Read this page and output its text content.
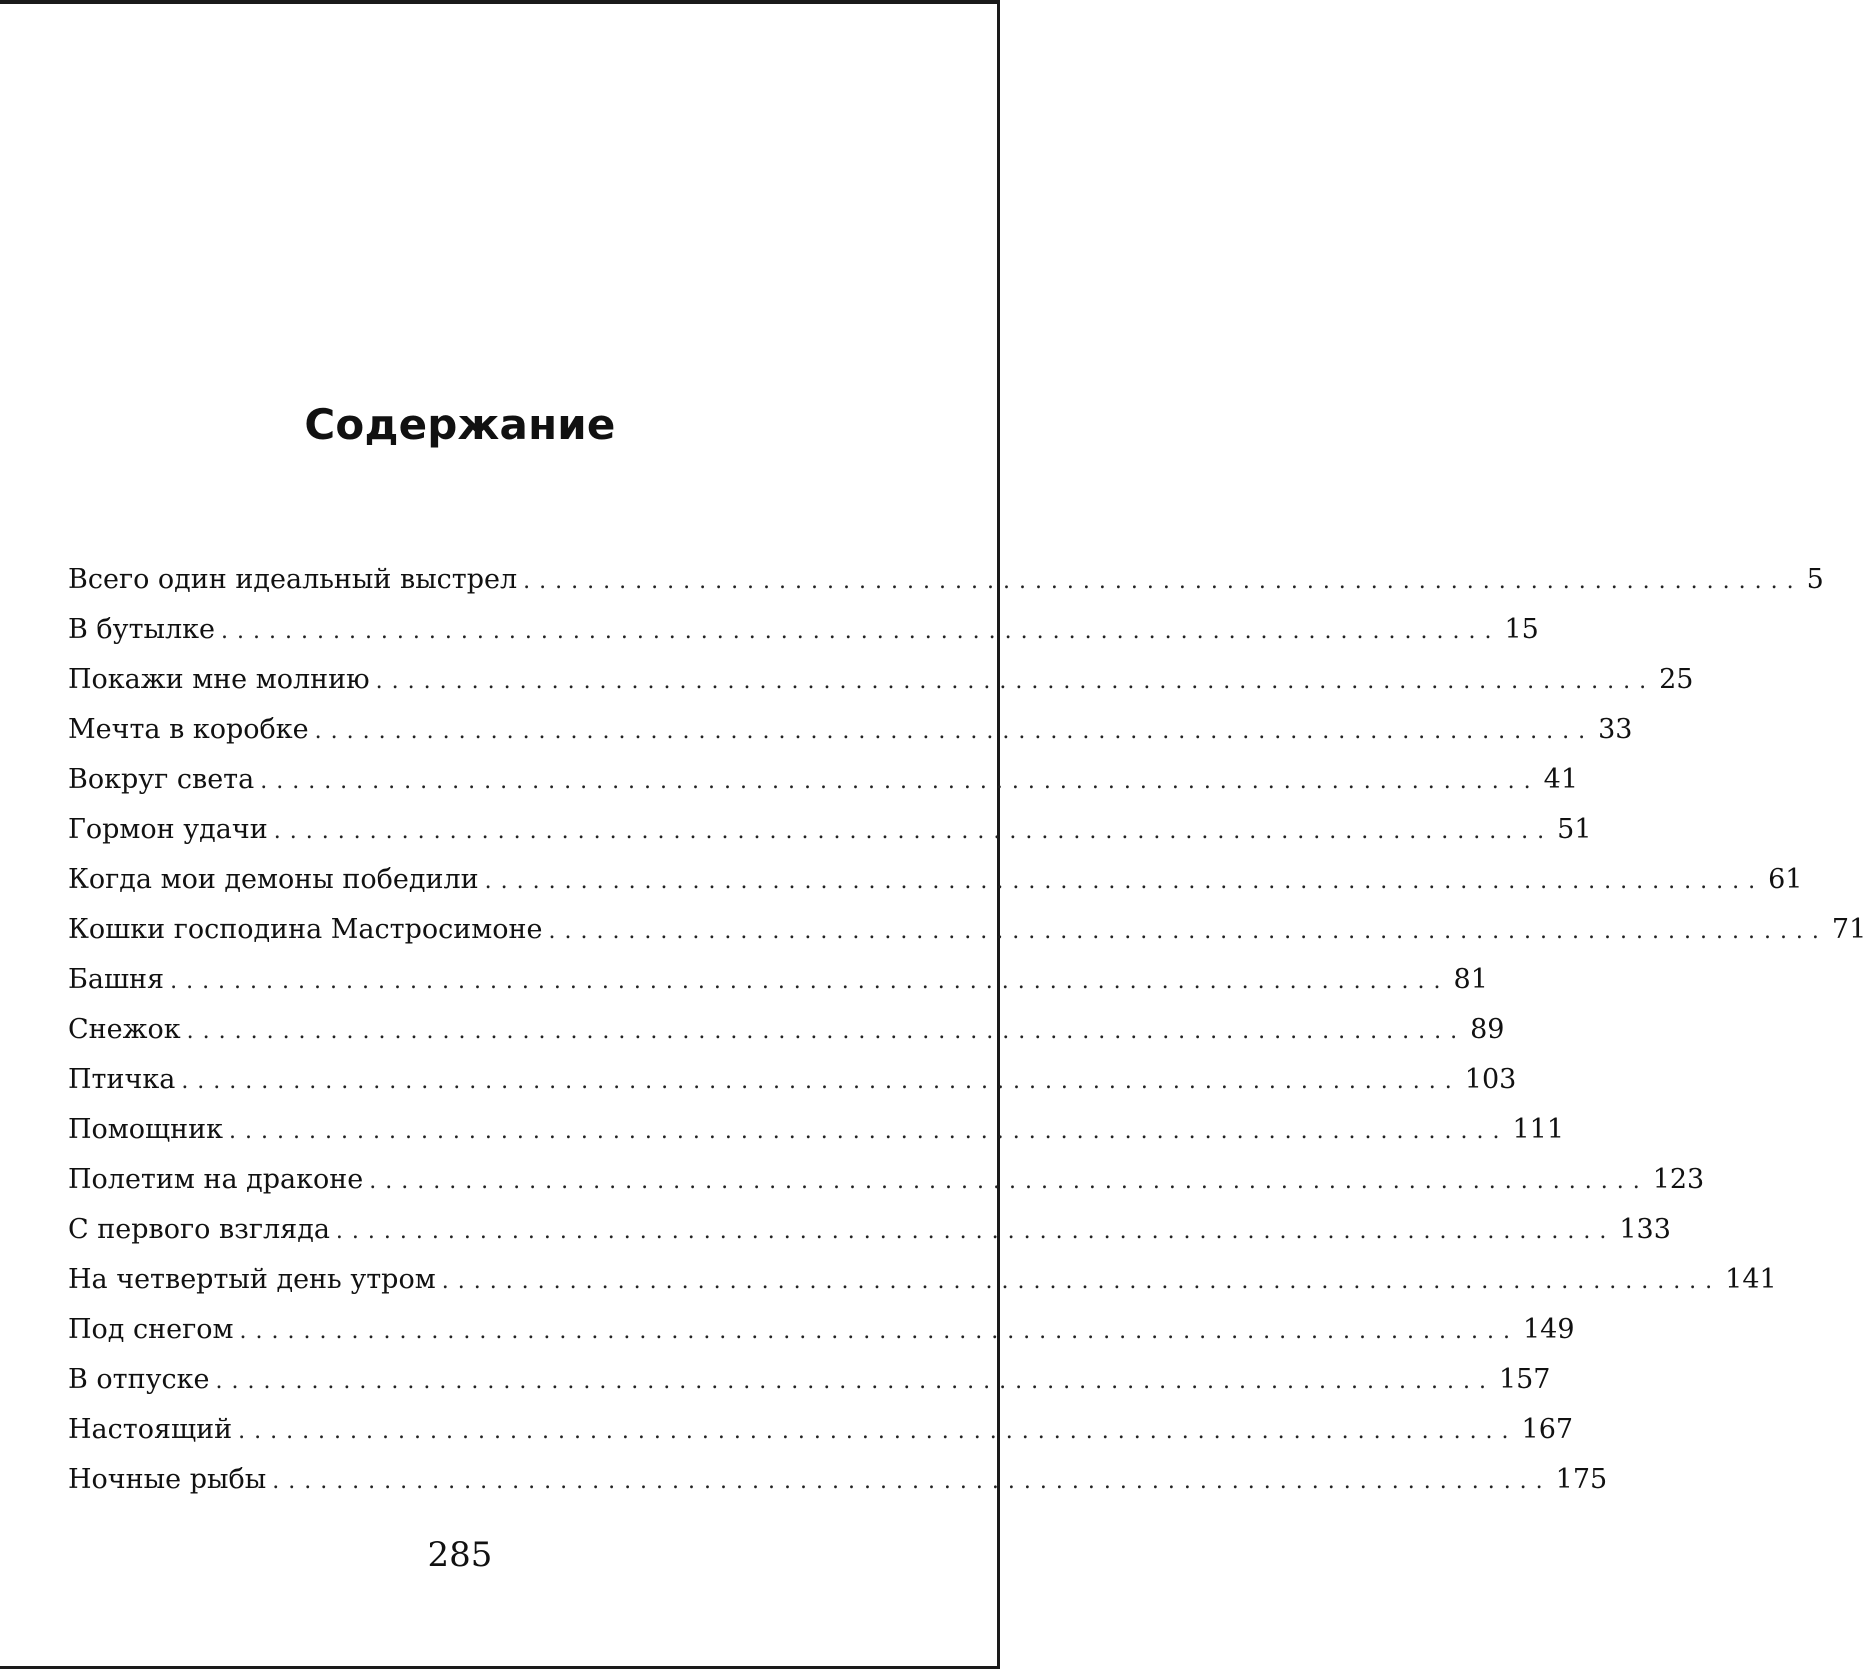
Содержание
Всего один идеальный выстрел ................................................................................ 5
В бутылке ................................................................................ 15
Покажи мне молнию ................................................................................ 25
Мечта в коробке ................................................................................ 33
Вокруг света ................................................................................ 41
Гормон удачи ................................................................................ 51
Когда мои демоны победили ................................................................................ 61
Кошки господина Мастросимоне ................................................................................ 71
Башня ................................................................................ 81
Снежок ................................................................................ 89
Птичка ................................................................................ 103
Помощник ................................................................................ 111
Полетим на драконе ................................................................................ 123
С первого взгляда ................................................................................ 133
На четвертый день утром ................................................................................ 141
Под снегом ................................................................................ 149
В отпуске ................................................................................ 157
Настоящий ................................................................................ 167
Ночные рыбы ................................................................................ 175
285
